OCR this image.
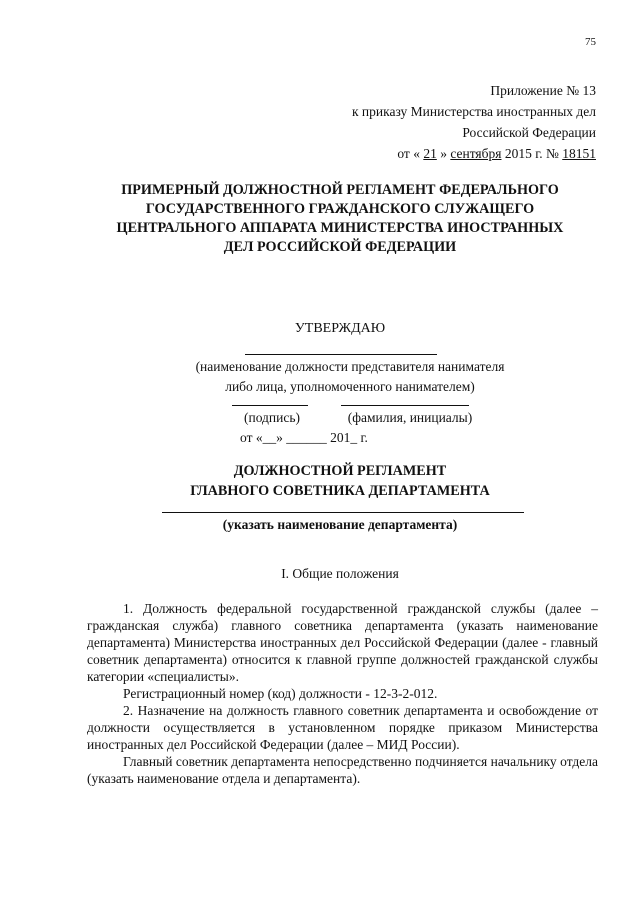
75
Приложение № 13
к приказу Министерства иностранных дел
Российской Федерации
от « 21 » сентября 2015 г. № 18151
ПРИМЕРНЫЙ ДОЛЖНОСТНОЙ РЕГЛАМЕНТ ФЕДЕРАЛЬНОГО
ГОСУДАРСТВЕННОГО ГРАЖДАНСКОГО СЛУЖАЩЕГО
ЦЕНТРАЛЬНОГО АППАРАТА МИНИСТЕРСТВА ИНОСТРАННЫХ
ДЕЛ РОССИЙСКОЙ ФЕДЕРАЦИИ
УТВЕРЖДАЮ
(наименование должности представителя нанимателя
либо лица, уполномоченного нанимателем)
(подпись)	(фамилия, инициалы)
от «__» ______ 201_ г.
ДОЛЖНОСТНОЙ РЕГЛАМЕНТ
ГЛАВНОГО СОВЕТНИКА ДЕПАРТАМЕНТА
(указать наименование департамента)
I. Общие положения

1. Должность федеральной государственной гражданской службы (далее – гражданская служба) главного советника департамента (указать наименование департамента) Министерства иностранных дел Российской Федерации (далее - главный советник департамента) относится к главной группе должностей гражданской службы категории «специалисты».

Регистрационный номер (код) должности - 12-3-2-012.

2. Назначение на должность главного советник департамента и освобождение от должности осуществляется в установленном порядке приказом Министерства иностранных дел Российской Федерации (далее – МИД России).

Главный советник департамента непосредственно подчиняется начальнику отдела (указать наименование отдела и департамента).
